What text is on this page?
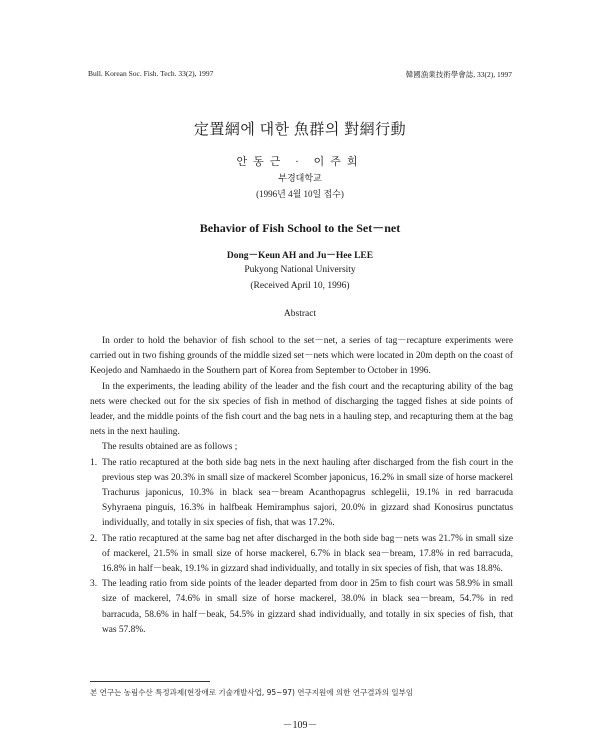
Bull. Korean Soc. Fish. Tech. 33(2), 1997	韓國漁業技術學會誌, 33(2), 1997
定置網에 대한 魚群의 對網行動
안동근 · 이주희
부경대학교
(1996년 4월 10일 접수)
Behavior of Fish School to the Set－net
Dong－Keun AH and Ju－Hee LEE
Pukyong National University
(Received April 10, 1996)
Abstract

In order to hold the behavior of fish school to the set－net, a series of tag－recapture experiments were carried out in two fishing grounds of the middle sized set－nets which were located in 20m depth on the coast of Keojedo and Namhaedo in the Southern part of Korea from September to October in 1996.

In the experiments, the leading ability of the leader and the fish court and the recapturing ability of the bag nets were checked out for the six species of fish in method of discharging the tagged fishes at side points of leader, and the middle points of the fish court and the bag nets in a hauling step, and recapturing them at the bag nets in the next hauling.

The results obtained are as follows ;

1. The ratio recaptured at the both side bag nets in the next hauling after discharged from the fish court in the previous step was 20.3% in small size of mackerel Scomber japonicus, 16.2% in small size of horse mackerel Trachurus japonicus, 10.3% in black sea－bream Acanthopagrus schlegelii, 19.1% in red barracuda Syhyraena pinguis, 16.3% in halfbeak Hemiramphus sajori, 20.0% in gizzard shad Konosirus punctatus individually, and totally in six species of fish, that was 17.2%.
2. The ratio recaptured at the same bag net after discharged in the both side bag－nets was 21.7% in small size of mackerel, 21.5% in small size of horse mackerel, 6.7% in black sea－bream, 17.8% in red barracuda, 16.8% in half－beak, 19.1% in gizzard shad individually, and totally in six species of fish, that was 18.8%.
3. The leading ratio from side points of the leader departed from door in 25m to fish court was 58.9% in small size of mackerel, 74.6% in small size of horse mackerel, 38.0% in black sea－bream, 54.7% in red barracuda, 58.6% in half－beak, 54.5% in gizzard shad individually, and totally in six species of fish, that was 57.8%.
본 연구는 농림수산 특정과제(현장애로 기술개발사업, 95~97) 연구지원에 의한 연구결과의 일부임
－109－
